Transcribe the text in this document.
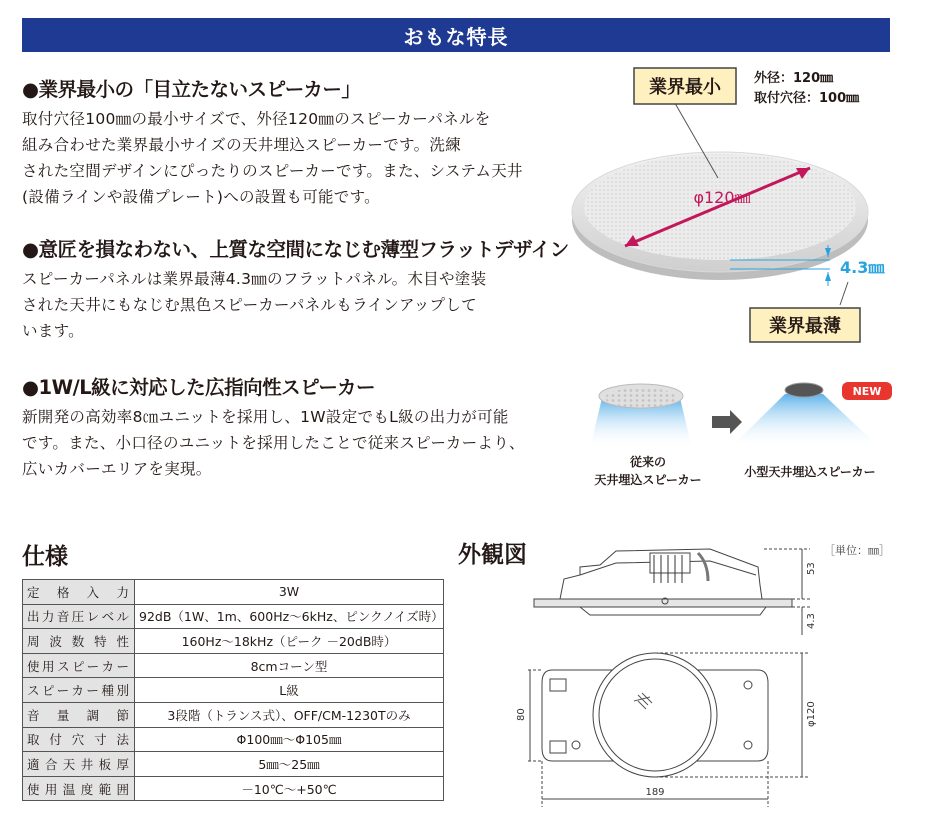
おもな特長
●業界最小の「目立たないスピーカー」

取付穴径100㎜の最小サイズで、外径120㎜のスピーカーパネルを
組み合わせた業界最小サイズの天井埋込スピーカーです。洗練
された空間デザインにぴったりのスピーカーです。また、システム天井
(設備ラインや設備プレート)への設置も可能です。

●意匠を損なわない、上質な空間になじむ薄型フラットデザイン

スピーカーパネルは業界最薄4.3㎜のフラットパネル。木目や塗装
された天井にもなじむ黒色スピーカーパネルもラインアップして
います。

●1W/L級に対応した広指向性スピーカー

新開発の高効率8㎝ユニットを採用し、1W設定でもL級の出力が可能
です。また、小口径のユニットを採用したことで従来スピーカーより、
広いカバーエリアを実現。

業界最小	外径：120㎜
取付穴径：100㎜
φ120㎜
4.3㎜
業界最薄
NEW
従来の
天井埋込スピーカー
小型天井埋込スピーカー
仕様
定格入力	3W
出力音圧レベル	92dB（1W、1m、600Hz～6kHz、ピンクノイズ時）
周波数特性	160Hz～18kHz（ピーク －20dB時）
使用スピーカー	8cmコーン型
スピーカー種別	L級
音量調節	3段階（トランス式）、OFF/CM-1230Tのみ
取付穴寸法	Φ100㎜～Φ105㎜
適合天井板厚	5㎜～25㎜
使用温度範囲	－10℃～+50℃
外観図	［単位：㎜］
53
4.3
80	φ120
189
